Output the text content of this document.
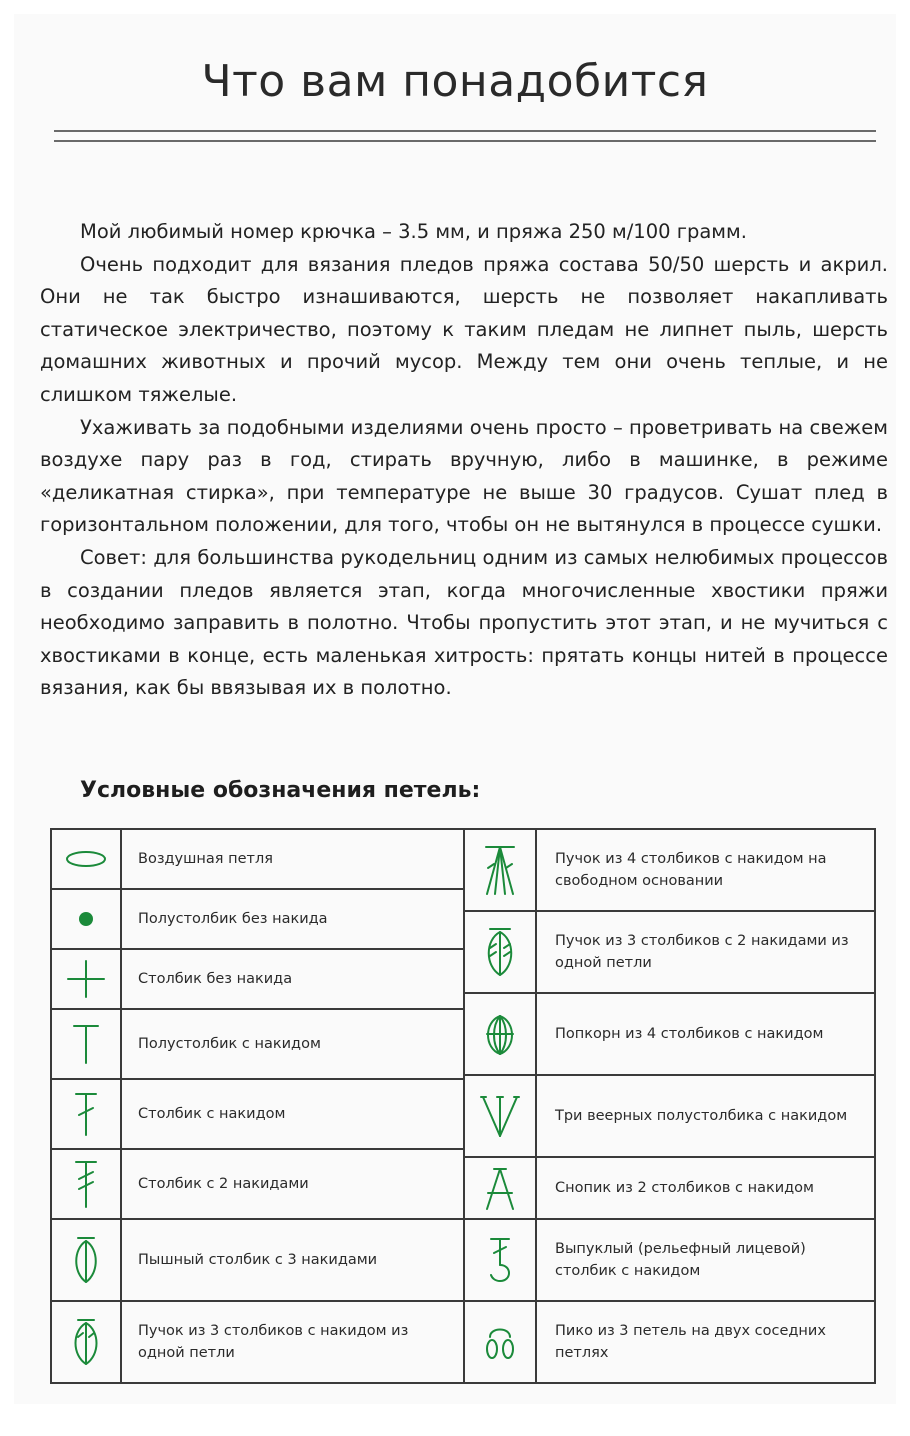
Что вам понадобится

Мой любимый номер крючка – 3.5 мм, и пряжа 250 м/100 грамм.

Очень подходит для вязания пледов пряжа состава 50/50 шерсть и акрил. Они не так быстро изнашиваются, шерсть не позволяет накапливать статическое электричество, поэтому к таким пледам не липнет пыль, шерсть домашних животных и прочий мусор. Между тем они очень теплые, и не слишком тяжелые.

Ухаживать за подобными изделиями очень просто – проветривать на свежем воздухе пару раз в год, стирать вручную, либо в машинке, в режиме «деликатная стирка», при температуре не выше 30 градусов. Сушат плед в горизонтальном положении, для того, чтобы он не вытянулся в процессе сушки.

Совет: для большинства рукодельниц одним из самых нелюбимых процессов в создании пледов является этап, когда многочисленные хвостики пряжи необходимо заправить в полотно. Чтобы пропустить этот этап, и не мучиться с хвостиками в конце, есть маленькая хитрость: прятать концы нитей в процессе вязания, как бы ввязывая их в полотно.

Условные обозначения петель:
Воздушная петля
Полустолбик без накида
Столбик без накида
Полустолбик с накидом
Столбик с накидом
Столбик с 2 накидами
Пышный столбик с 3 накидами
Пучок из 3 столбиков с накидом из одной петли
Пучок из 4 столбиков с накидом на свободном основании
Пучок из 3 столбиков с 2 накидами из одной петли
Попкорн из 4 столбиков с накидом
Три веерных полустолбика с накидом
Снопик из 2 столбиков с накидом
Выпуклый (рельефный лицевой) столбик с накидом
Пико из 3 петель на двух соседних петлях
